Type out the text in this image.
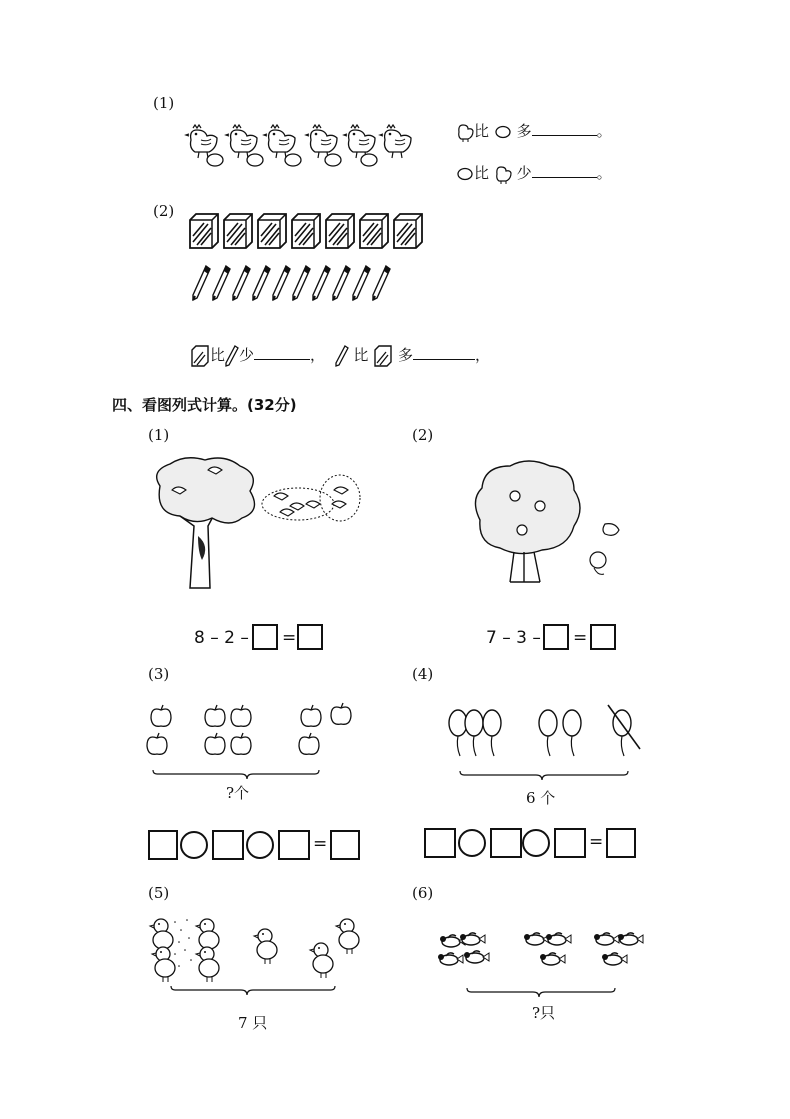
(1)
比 多	。
比 少	。
(2)
比 少	， 比 多	，
四、看图列式计算。(32分)
(1)
8 – 2 – =
(2)
7 – 3 – =
(3)
?个
=
(4)
6 个
=
(5)
7 只
(6)
?只
